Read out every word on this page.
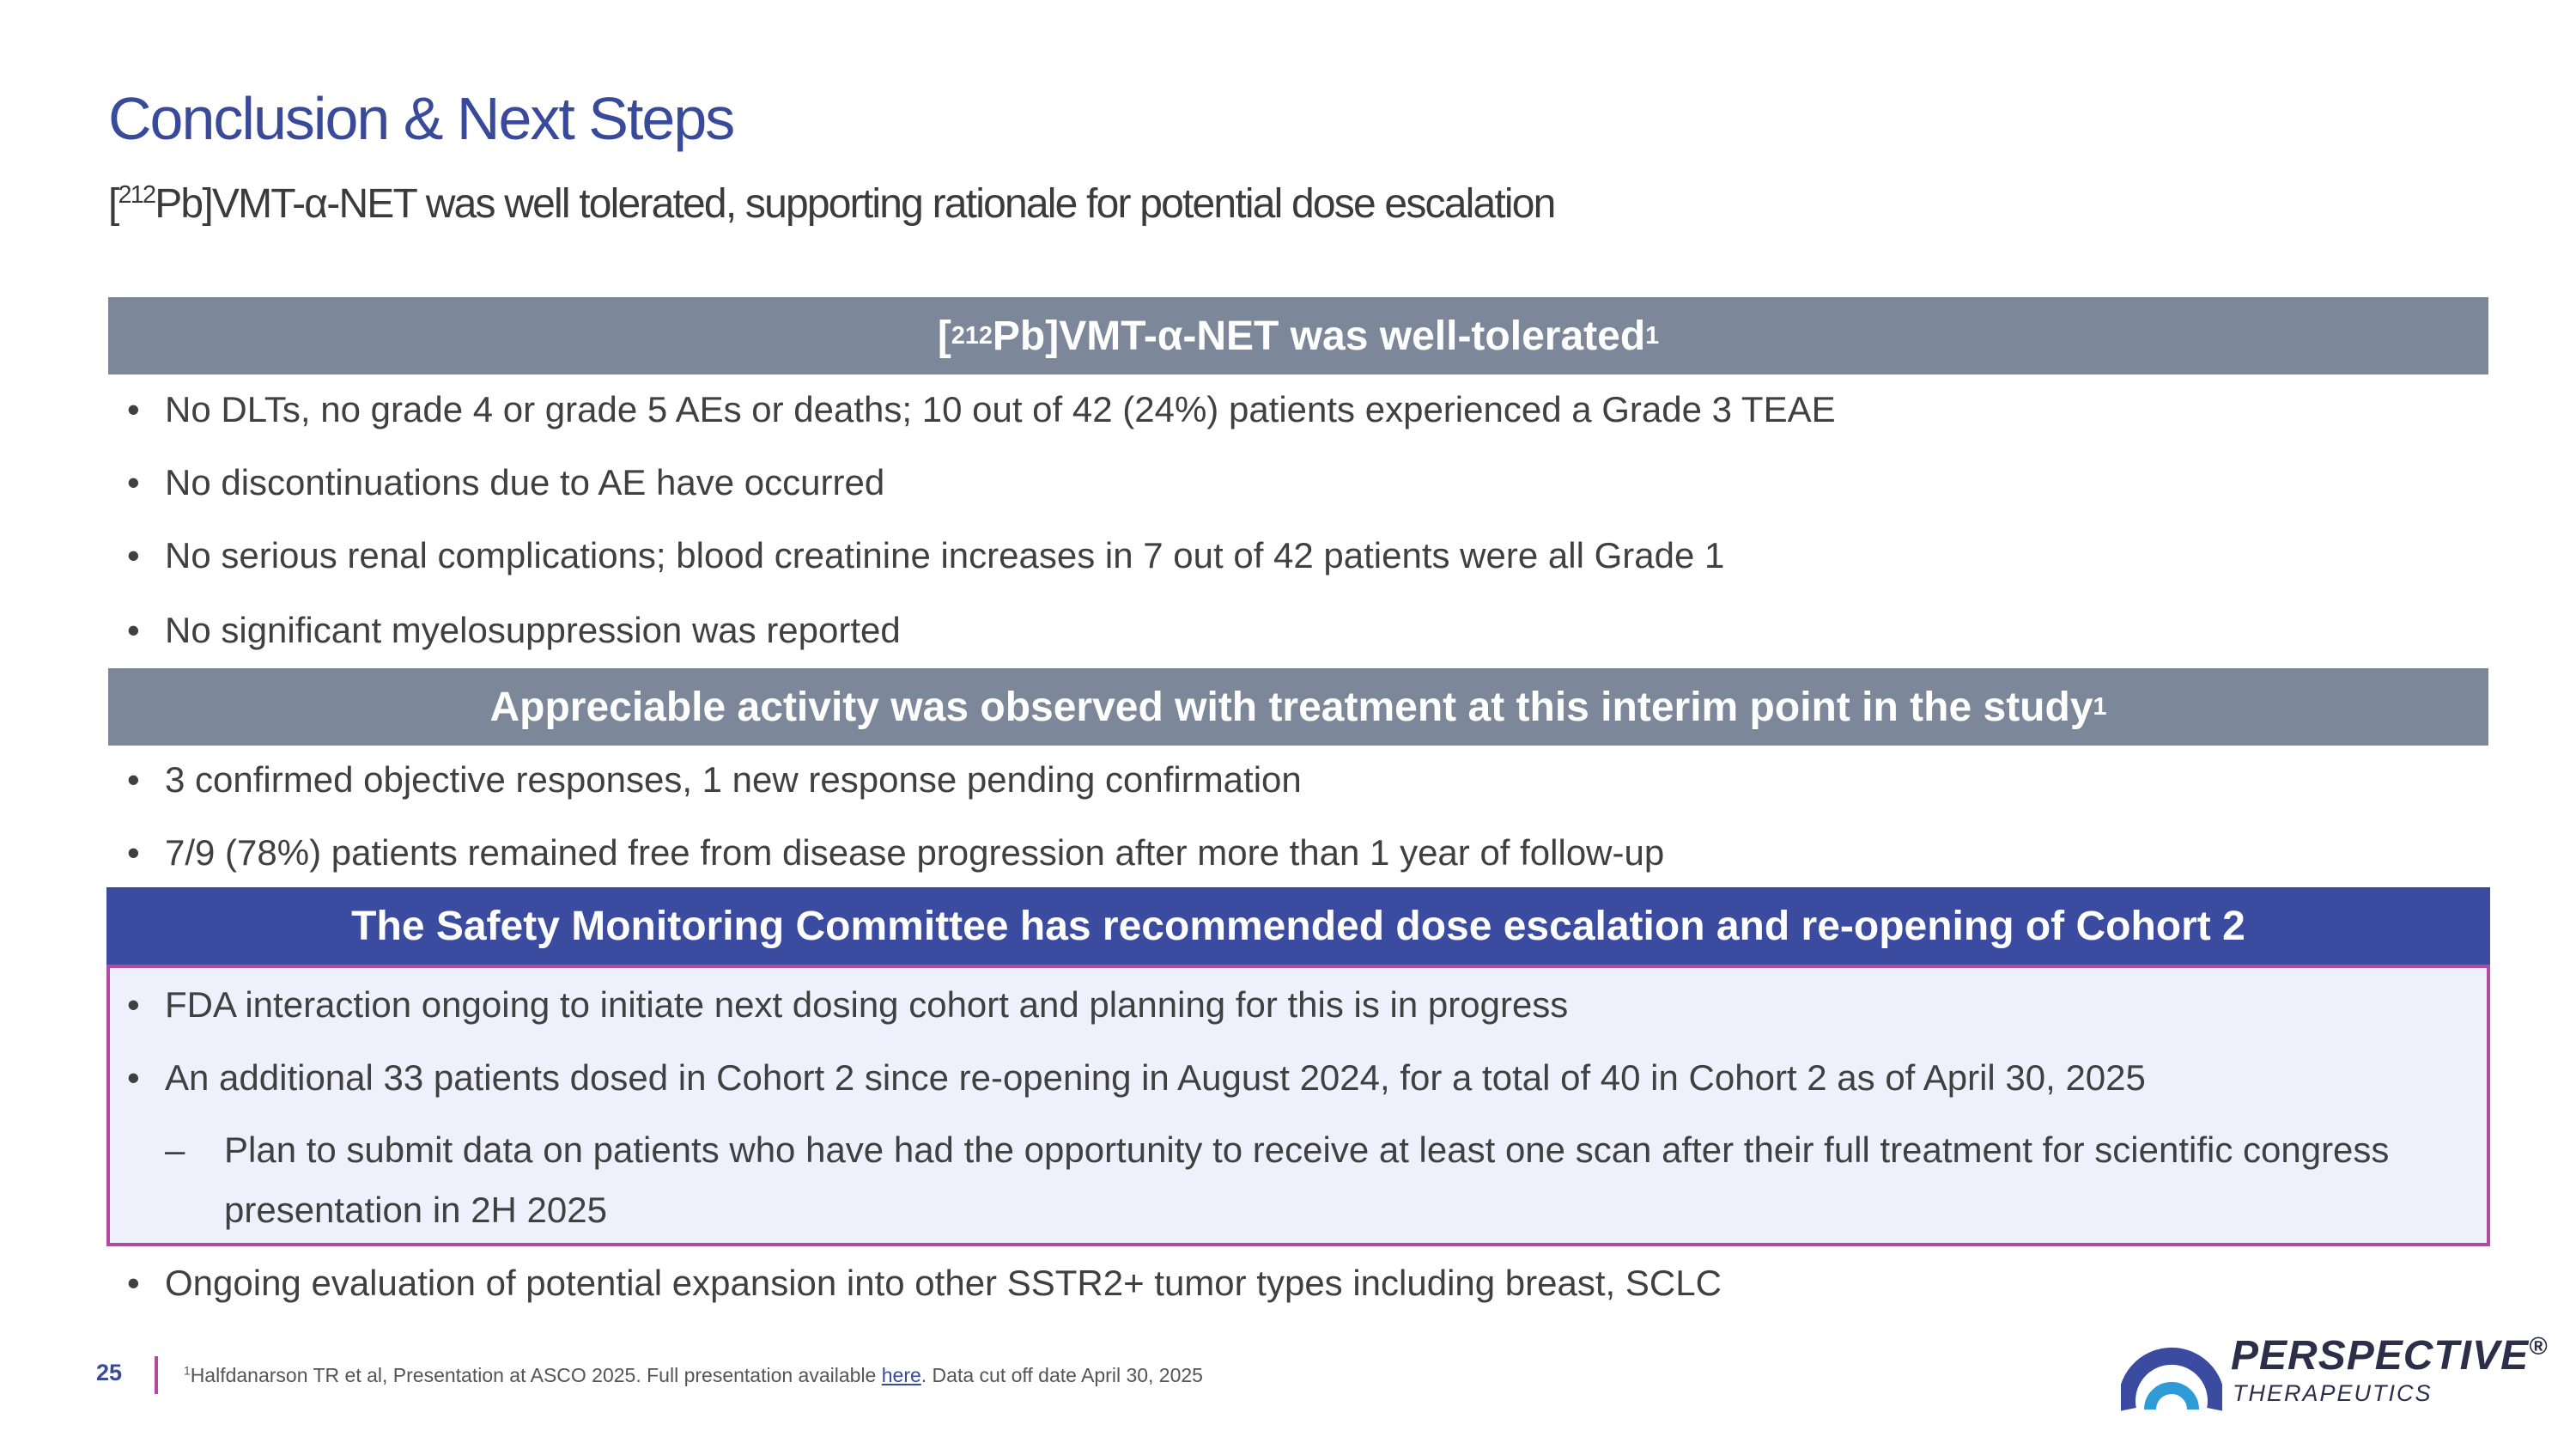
Conclusion & Next Steps
[$^{212}$Pb]VMT-α-NET was well tolerated, supporting rationale for potential dose escalation
[ 212 Pb]VMT-α-NET was well-tolerated 1
• No DLTs, no grade 4 or grade 5 AEs or deaths; 10 out of 42 (24%) patients experienced a Grade 3 TEAE
• No discontinuations due to AE have occurred
• No serious renal complications; blood creatinine increases in 7 out of 42 patients were all Grade 1
• No significant myelosuppression was reported
Appreciable activity was observed with treatment at this interim point in the study 1
• 3 confirmed objective responses, 1 new response pending confirmation
• 7/9 (78%) patients remained free from disease progression after more than 1 year of follow-up
The Safety Monitoring Committee has recommended dose escalation and re-opening of Cohort 2
• FDA interaction ongoing to initiate next dosing cohort and planning for this is in progress
• An additional 33 patients dosed in Cohort 2 since re-opening in August 2024, for a total of 40 in Cohort 2 as of April 30, 2025
–	Plan to submit data on patients who have had the opportunity to receive at least one scan after their full treatment for scientific congress presentation in 2H 2025
• Ongoing evaluation of potential expansion into other SSTR2+ tumor types including breast, SCLC
25	$^1$Halfdanarson TR et al, Presentation at ASCO 2025. Full presentation available here. Data cut off date April 30, 2025	PERSPECTIVE®
THERAPEUTICS
